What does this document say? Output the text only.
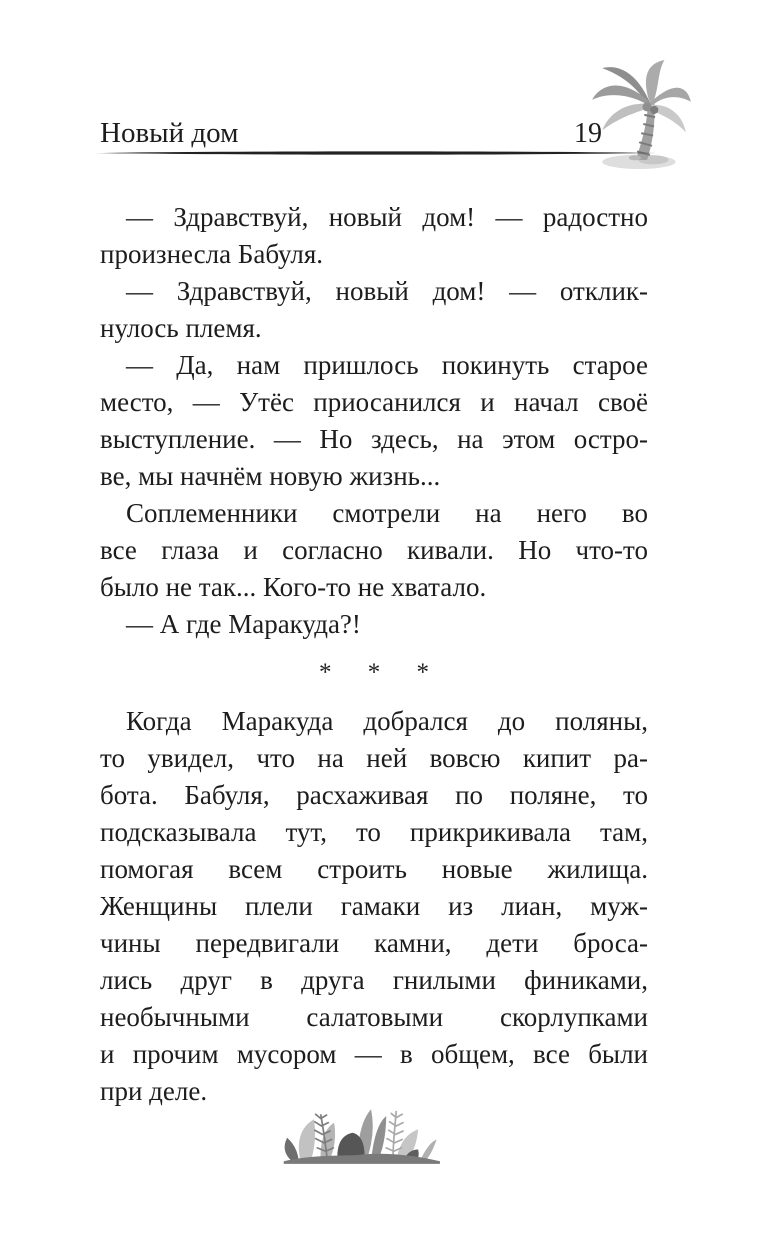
Новый дом	19
— Здравствуй, новый дом! — радостно
произнесла Бабуля.
— Здравствуй, новый дом! — отклик-
нулось племя.
— Да, нам пришлось покинуть старое
место, — Утёс приосанился и начал своё
выступление. — Но здесь, на этом остро-
ве, мы начнём новую жизнь...
Соплеменники смотрели на него во
все глаза и согласно кивали. Но что-то
было не так... Кого-то не хватало.
— А где Маракуда?!
* * *
Когда Маракуда добрался до поляны,
то увидел, что на ней вовсю кипит ра-
бота. Бабуля, расхаживая по поляне, то
подсказывала тут, то прикрикивала там,
помогая всем строить новые жилища.
Женщины плели гамаки из лиан, муж-
чины передвигали камни, дети броса-
лись друг в друга гнилыми финиками,
необычными салатовыми скорлупками
и прочим мусором — в общем, все были
при деле.
